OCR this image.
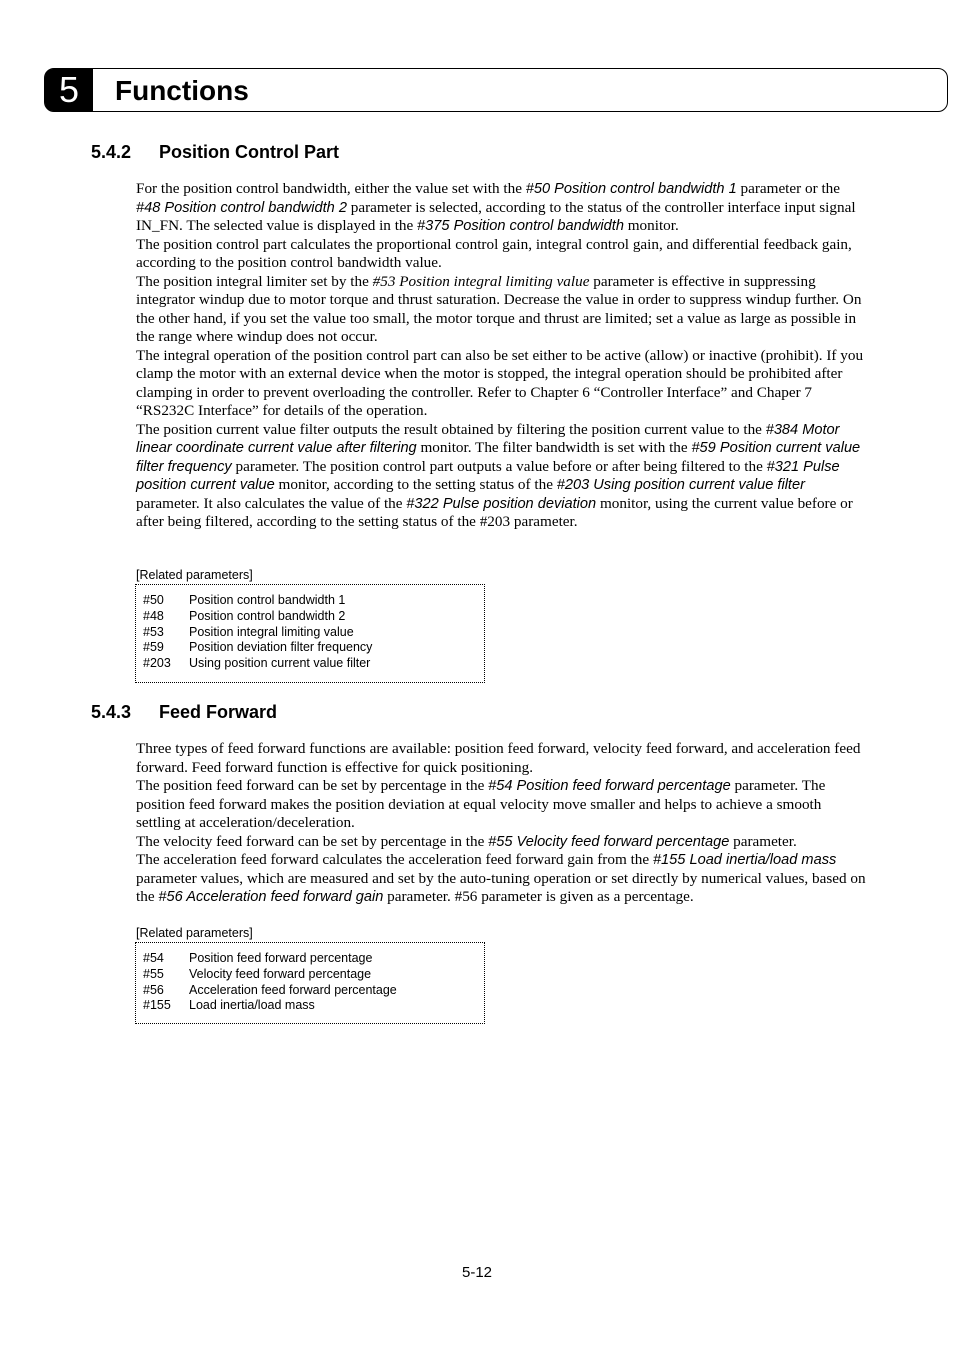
5	Functions
5.4.2 Position Control Part

For the position control bandwidth, either the value set with the #50 Position control bandwidth 1 parameter or the #48 Position control bandwidth 2 parameter is selected, according to the status of the controller interface input signal IN_FN. The selected value is displayed in the #375 Position control bandwidth monitor.

The position control part calculates the proportional control gain, integral control gain, and differential feedback gain, according to the position control bandwidth value.

The position integral limiter set by the #53 Position integral limiting value parameter is effective in suppressing integrator windup due to motor torque and thrust saturation. Decrease the value in order to suppress windup further. On the other hand, if you set the value too small, the motor torque and thrust are limited; set a value as large as possible in the range where windup does not occur.

The integral operation of the position control part can also be set either to be active (allow) or inactive (prohibit). If you clamp the motor with an external device when the motor is stopped, the integral operation should be prohibited after clamping in order to prevent overloading the controller. Refer to Chapter 6 “Controller Interface” and Chaper 7 “RS232C Interface” for details of the operation.

The position current value filter outputs the result obtained by filtering the position current value to the #384 Motor linear coordinate current value after filtering monitor. The filter bandwidth is set with the #59 Position current value filter frequency parameter. The position control part outputs a value before or after being filtered to the #321 Pulse position current value monitor, according to the setting status of the #203 Using position current value filter parameter. It also calculates the value of the #322 Pulse position deviation monitor, using the current value before or after being filtered, according to the setting status of the #203 parameter.

[Related parameters]
#50	Position control bandwidth 1
#48	Position control bandwidth 2
#53	Position integral limiting value
#59	Position deviation filter frequency
#203	Using position current value filter
5.4.3 Feed Forward

Three types of feed forward functions are available: position feed forward, velocity feed forward, and acceleration feed forward. Feed forward function is effective for quick positioning.

The position feed forward can be set by percentage in the #54 Position feed forward percentage parameter. The position feed forward makes the position deviation at equal velocity move smaller and helps to achieve a smooth settling at acceleration/deceleration.

The velocity feed forward can be set by percentage in the #55 Velocity feed forward percentage parameter.

The acceleration feed forward calculates the acceleration feed forward gain from the #155 Load inertia/load mass parameter values, which are measured and set by the auto-tuning operation or set directly by numerical values, based on the #56 Acceleration feed forward gain parameter. #56 parameter is given as a percentage.

[Related parameters]
#54	Position feed forward percentage
#55	Velocity feed forward percentage
#56	Acceleration feed forward percentage
#155	Load inertia/load mass
5-12
